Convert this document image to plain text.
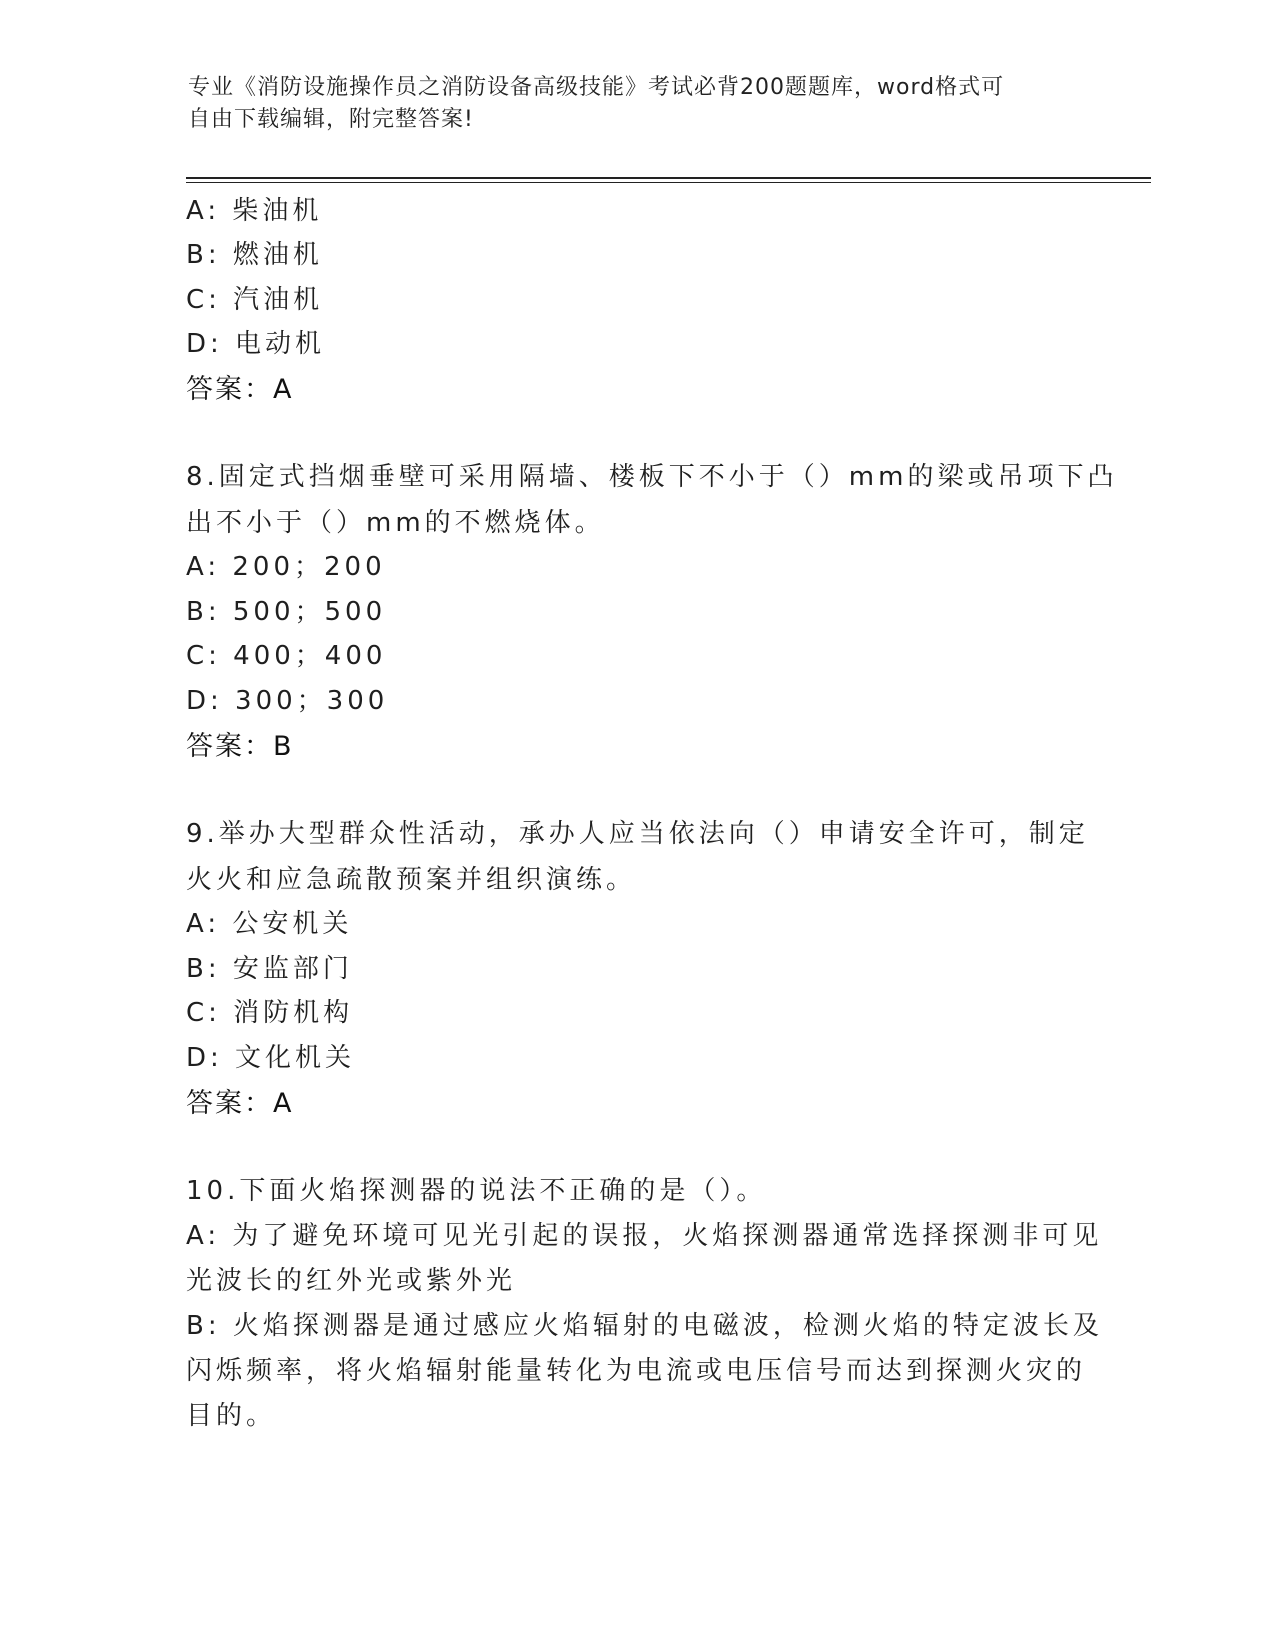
专业《消防设施操作员之消防设备高级技能》考试必背200题题库，word格式可
自由下载编辑，附完整答案!
A: 柴油机
B: 燃油机
C: 汽油机
D: 电动机
答案：A
8.固定式挡烟垂壁可采用隔墙、楼板下不小于（）mm的梁或吊项下凸
出不小于（）mm的不燃烧体。
A: 200；200
B: 500；500
C: 400；400
D: 300；300
答案：B
9.举办大型群众性活动，承办人应当依法向（）申请安全许可，制定
火火和应急疏散预案并组织演练。
A: 公安机关
B: 安监部门
C: 消防机构
D: 文化机关
答案：A
10.下面火焰探测器的说法不正确的是（）。
A: 为了避免环境可见光引起的误报，火焰探测器通常选择探测非可见
光波长的红外光或紫外光
B: 火焰探测器是通过感应火焰辐射的电磁波，检测火焰的特定波长及
闪烁频率，将火焰辐射能量转化为电流或电压信号而达到探测火灾的
目的。
